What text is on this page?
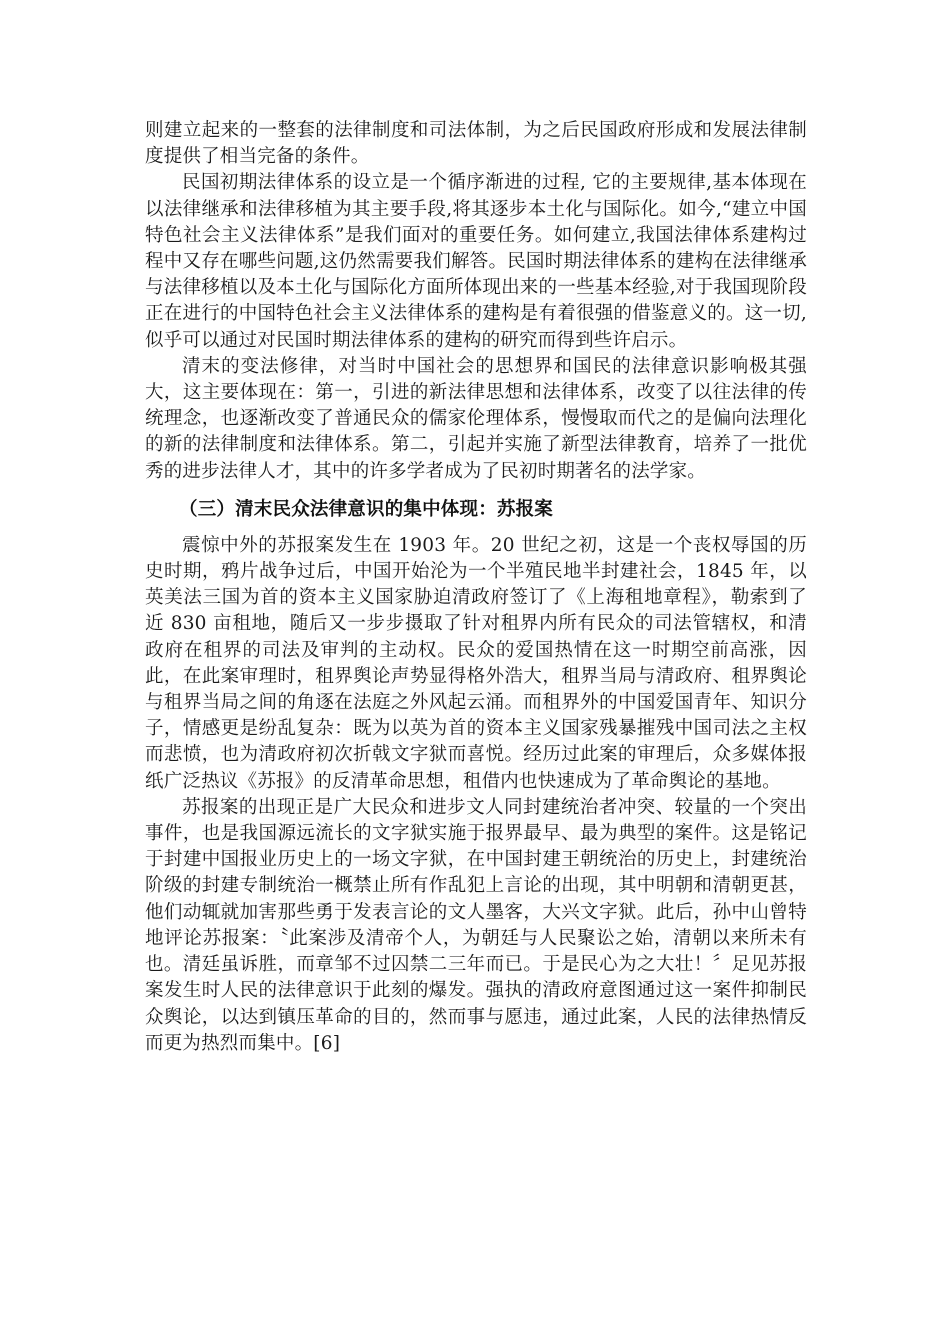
则建立起来的一整套的法律制度和司法体制，为之后民国政府形成和发展法律制度提供了相当完备的条件。

民国初期法律体系的设立是一个循序渐进的过程, 它的主要规律,基本体现在以法律继承和法律移植为其主要手段,将其逐步本土化与国际化。如今,“建立中国特色社会主义法律体系”是我们面对的重要任务。如何建立,我国法律体系建构过程中又存在哪些问题,这仍然需要我们解答。民国时期法律体系的建构在法律继承与法律移植以及本土化与国际化方面所体现出来的一些基本经验,对于我国现阶段正在进行的中国特色社会主义法律体系的建构是有着很强的借鉴意义的。这一切,似乎可以通过对民国时期法律体系的建构的研究而得到些许启示。

清末的变法修律，对当时中国社会的思想界和国民的法律意识影响极其强大，这主要体现在：第一，引进的新法律思想和法律体系，改变了以往法律的传统理念，也逐渐改变了普通民众的儒家伦理体系，慢慢取而代之的是偏向法理化的新的法律制度和法律体系。第二，引起并实施了新型法律教育，培养了一批优秀的进步法律人才，其中的许多学者成为了民初时期著名的法学家。

（三）清末民众法律意识的集中体现：苏报案

震惊中外的苏报案发生在 1903 年。20 世纪之初，这是一个丧权辱国的历史时期，鸦片战争过后，中国开始沦为一个半殖民地半封建社会，1845 年，以英美法三国为首的资本主义国家胁迫清政府签订了《上海租地章程》，勒索到了近 830 亩租地，随后又一步步摄取了针对租界内所有民众的司法管辖权，和清政府在租界的司法及审判的主动权。民众的爱国热情在这一时期空前高涨，因此，在此案审理时，租界舆论声势显得格外浩大，租界当局与清政府、租界舆论与租界当局之间的角逐在法庭之外风起云涌。而租界外的中国爱国青年、知识分子，情感更是纷乱复杂：既为以英为首的资本主义国家残暴摧残中国司法之主权而悲愤，也为清政府初次折戟文字狱而喜悦。经历过此案的审理后，众多媒体报纸广泛热议《苏报》的反清革命思想，租借内也快速成为了革命舆论的基地。

苏报案的出现正是广大民众和进步文人同封建统治者冲突、较量的一个突出事件，也是我国源远流长的文字狱实施于报界最早、最为典型的案件。这是铭记于封建中国报业历史上的一场文字狱，在中国封建王朝统治的历史上，封建统治阶级的封建专制统治一概禁止所有作乱犯上言论的出现，其中明朝和清朝更甚，他们动辄就加害那些勇于发表言论的文人墨客，大兴文字狱。此后，孙中山曾特地评论苏报案：〝此案涉及清帝个人，为朝廷与人民聚讼之始，清朝以来所未有也。清廷虽诉胜，而章邹不过囚禁二三年而已。于是民心为之大壮！〞足见苏报案发生时人民的法律意识于此刻的爆发。强执的清政府意图通过这一案件抑制民众舆论，以达到镇压革命的目的，然而事与愿违，通过此案，人民的法律热情反而更为热烈而集中。[6]
